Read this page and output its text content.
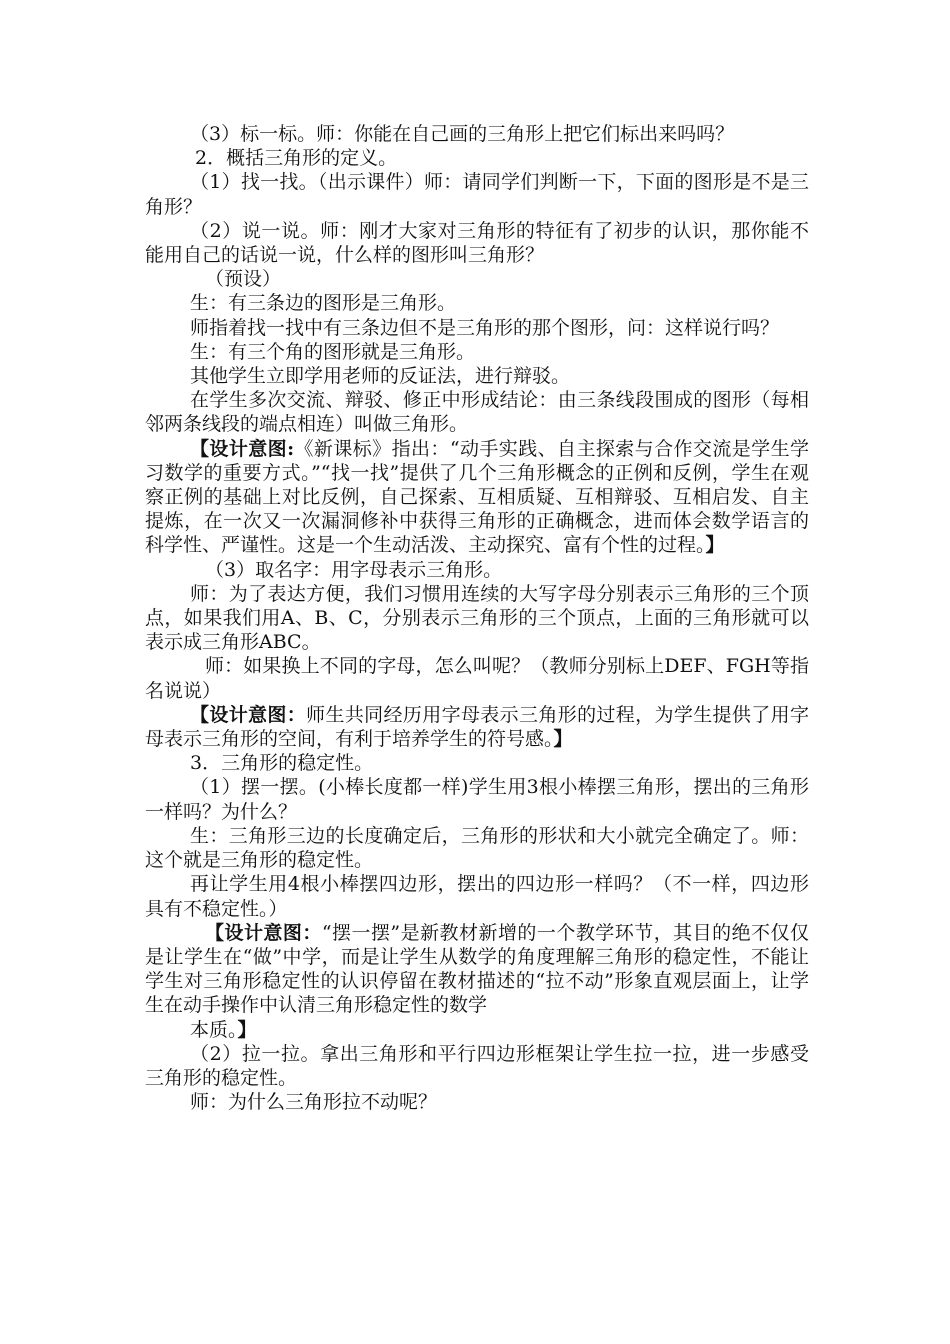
（3）标一标。师：你能在自己画的三角形上把它们标出来吗吗？

2．概括三角形的定义。

（1）找一找。（出示课件）师：请同学们判断一下，下面的图形是不是三角形？

（2）说一说。师：刚才大家对三角形的特征有了初步的认识，那你能不能用自己的话说一说，什么样的图形叫三角形？

（预设）

生：有三条边的图形是三角形。

师指着找一找中有三条边但不是三角形的那个图形，问：这样说行吗？

生：有三个角的图形就是三角形。

其他学生立即学用老师的反证法，进行辩驳。

在学生多次交流、辩驳、修正中形成结论：由三条线段围成的图形（每相邻两条线段的端点相连）叫做三角形。

【设计意图:《新课标》指出：“动手实践、自主探索与合作交流是学生学习数学的重要方式。”“找一找”提供了几个三角形概念的正例和反例，学生在观察正例的基础上对比反例，自己探索、互相质疑、互相辩驳、互相启发、自主提炼，在一次又一次漏洞修补中获得三角形的正确概念，进而体会数学语言的科学性、严谨性。这是一个生动活泼、主动探究、富有个性的过程。】

（3）取名字：用字母表示三角形。

师：为了表达方便，我们习惯用连续的大写字母分别表示三角形的三个顶点，如果我们用A、B、C，分别表示三角形的三个顶点，上面的三角形就可以表示成三角形ABC。

师：如果换上不同的字母，怎么叫呢？（教师分别标上DEF、FGH等指名说说）

【设计意图：师生共同经历用字母表示三角形的过程，为学生提供了用字母表示三角形的空间，有利于培养学生的符号感。】

3．三角形的稳定性。

（1）摆一摆。(小棒长度都一样)学生用3根小棒摆三角形，摆出的三角形一样吗？为什么？

生：三角形三边的长度确定后，三角形的形状和大小就完全确定了。师：这个就是三角形的稳定性。

再让学生用4根小棒摆四边形，摆出的四边形一样吗？（不一样，四边形具有不稳定性。）

【设计意图：“摆一摆”是新教材新增的一个教学环节，其目的绝不仅仅是让学生在“做”中学，而是让学生从数学的角度理解三角形的稳定性，不能让学生对三角形稳定性的认识停留在教材描述的“拉不动”形象直观层面上，让学生在动手操作中认清三角形稳定性的数学

本质。】

（2）拉一拉。拿出三角形和平行四边形框架让学生拉一拉，进一步感受三角形的稳定性。

师：为什么三角形拉不动呢？
